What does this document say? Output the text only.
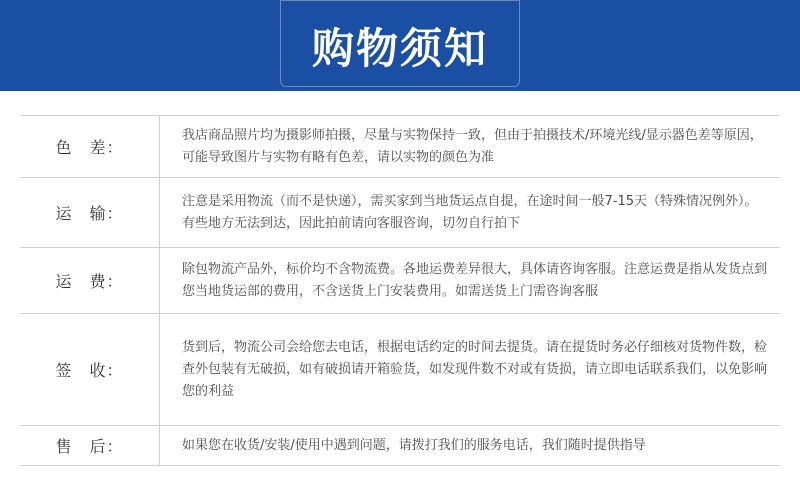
购物须知
色　差：
我店商品照片均为摄影师拍摄，尽量与实物保持一致，但由于拍摄技术/环境光线/显示器色差等原因，可能导致图片与实物有略有色差，请以实物的颜色为准
运　输：
注意是采用物流（而不是快递），需买家到当地货运点自提，在途时间一般7-15天（特殊情况例外）。有些地方无法到达，因此拍前请向客服咨询，切勿自行拍下
运　费：
除包物流产品外，标价均不含物流费。各地运费差异很大，具体请咨询客服。注意运费是指从发货点到您当地货运部的费用，不含送货上门安装费用。如需送货上门需咨询客服
签　收：
货到后，物流公司会给您去电话，根据电话约定的时间去提货。请在提货时务必仔细核对货物件数，检查外包装有无破损，如有破损请开箱验货，如发现件数不对或有货损，请立即电话联系我们，以免影响您的利益
售　后：	如果您在收货/安装/使用中遇到问题，请拨打我们的服务电话，我们随时提供指导
